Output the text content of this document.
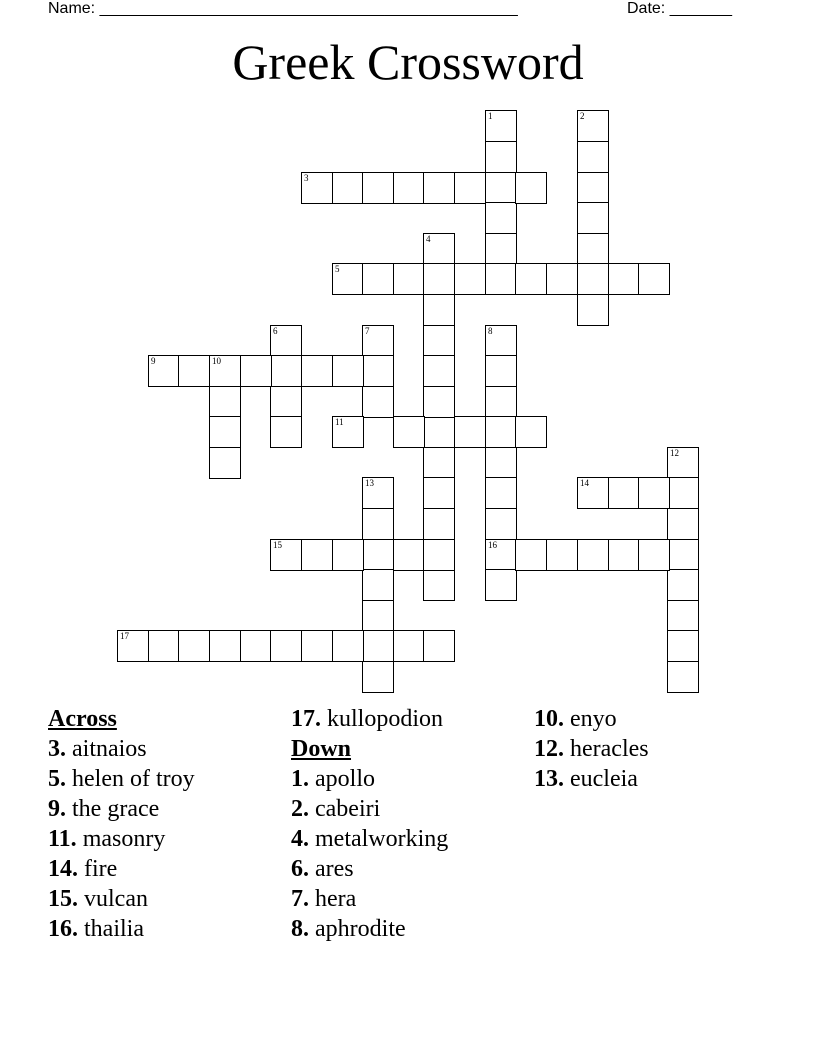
Name: _______________________________________________	Date: _______
Greek Crossword
1	2
3
4
5
6	7	8
16
9	10
11
12
13	14
15
17
Across
3. aitnaios
5. helen of troy
9. the grace
11. masonry
14. fire
15. vulcan
16. thailia
17. kullopodion
Down
1. apollo
2. cabeiri
4. metalworking
6. ares
7. hera
8. aphrodite
10. enyo
12. heracles
13. eucleia
